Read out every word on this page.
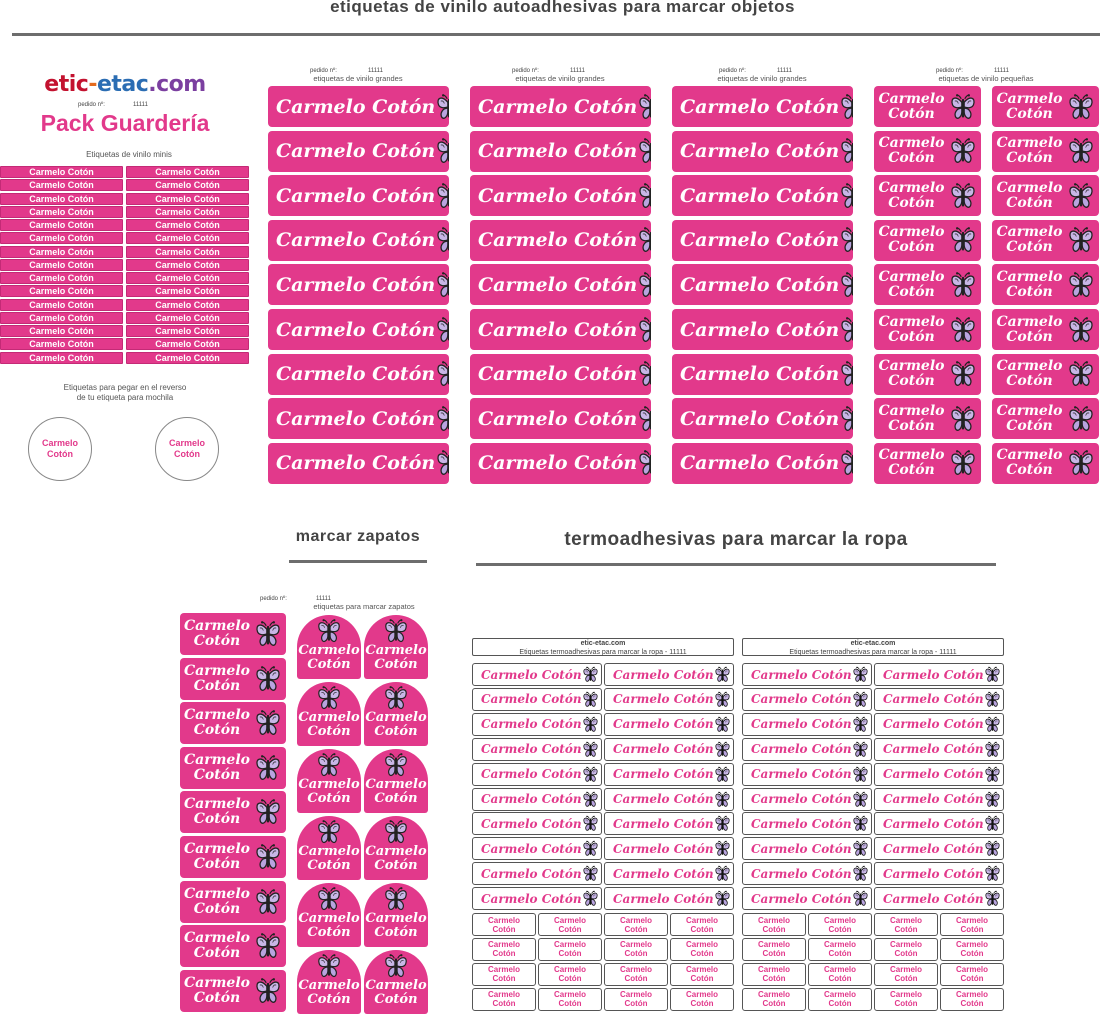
etiquetas de vinilo autoadhesivas para marcar objetos
marcar zapatos	termoadhesivas para marcar la ropa
etic-etac.com
pedido nº:	11111
Pack Guardería
Etiquetas de vinilo minis
Carmelo Cotón
Carmelo Cotón
Carmelo Cotón
Carmelo Cotón
Carmelo Cotón
Carmelo Cotón
Carmelo Cotón
Carmelo Cotón
Carmelo Cotón
Carmelo Cotón
Carmelo Cotón
Carmelo Cotón
Carmelo Cotón
Carmelo Cotón
Carmelo Cotón
Carmelo Cotón
Carmelo Cotón
Carmelo Cotón
Carmelo Cotón
Carmelo Cotón
Carmelo Cotón
Carmelo Cotón
Carmelo Cotón
Carmelo Cotón
Carmelo Cotón
Carmelo Cotón
Carmelo Cotón
Carmelo Cotón
Carmelo Cotón
Carmelo Cotón
Etiquetas para pegar en el reverso
de tu etiqueta para mochila
Carmelo
Cotón
Carmelo
Cotón
pedido nº:	11111
etiquetas de vinilo grandes
pedido nº:	11111
etiquetas de vinilo grandes
pedido nº:	11111
etiquetas de vinilo grandes
pedido nº:	11111
etiquetas de vinilo pequeñas
pedido nº:	11111
etiquetas para marcar zapatos
Carmelo Cotón
Carmelo Cotón
Carmelo Cotón
Carmelo Cotón
Carmelo Cotón
Carmelo Cotón
Carmelo Cotón
Carmelo Cotón
Carmelo Cotón
Carmelo Cotón
Carmelo Cotón
Carmelo Cotón
Carmelo Cotón
Carmelo Cotón
Carmelo Cotón
Carmelo Cotón
Carmelo Cotón
Carmelo Cotón
Carmelo Cotón
Carmelo Cotón
Carmelo Cotón
Carmelo Cotón
Carmelo Cotón
Carmelo Cotón
Carmelo Cotón
Carmelo Cotón
Carmelo Cotón
Carmelo
Cotón
Carmelo
Cotón
Carmelo
Cotón
Carmelo
Cotón
Carmelo
Cotón
Carmelo
Cotón
Carmelo
Cotón
Carmelo
Cotón
Carmelo
Cotón
Carmelo
Cotón
Carmelo
Cotón
Carmelo
Cotón
Carmelo
Cotón
Carmelo
Cotón
Carmelo
Cotón
Carmelo
Cotón
Carmelo
Cotón
Carmelo
Cotón
Carmelo
Cotón
Carmelo
Cotón
Carmelo
Cotón
Carmelo
Cotón
Carmelo
Cotón
Carmelo
Cotón
Carmelo
Cotón
Carmelo
Cotón
Carmelo
Cotón
Carmelo
Cotón
Carmelo
Cotón
Carmelo
Cotón
Carmelo
Cotón
Carmelo
Cotón
Carmelo
Cotón
Carmelo
Cotón
Carmelo
Cotón
Carmelo
Cotón
Carmelo
Cotón
Carmelo
Cotón
Carmelo
Cotón
etic-etac.com
Etiquetas termoadhesivas para marcar la ropa - 11111
Carmelo Cotón
Carmelo Cotón
Carmelo Cotón
Carmelo Cotón
Carmelo Cotón
Carmelo Cotón
Carmelo Cotón
Carmelo Cotón
Carmelo Cotón
Carmelo Cotón
Carmelo Cotón
Carmelo Cotón
Carmelo Cotón
Carmelo Cotón
Carmelo Cotón
Carmelo Cotón
Carmelo Cotón
Carmelo Cotón
Carmelo Cotón
Carmelo Cotón
Carmelo
Cotón
Carmelo
Cotón
Carmelo
Cotón
Carmelo
Cotón
Carmelo
Cotón
Carmelo
Cotón
Carmelo
Cotón
Carmelo
Cotón
Carmelo
Cotón
Carmelo
Cotón
Carmelo
Cotón
Carmelo
Cotón
Carmelo
Cotón
Carmelo
Cotón
Carmelo
Cotón
Carmelo
Cotón
etic-etac.com
Etiquetas termoadhesivas para marcar la ropa - 11111
Carmelo Cotón
Carmelo Cotón
Carmelo Cotón
Carmelo Cotón
Carmelo Cotón
Carmelo Cotón
Carmelo Cotón
Carmelo Cotón
Carmelo Cotón
Carmelo Cotón
Carmelo Cotón
Carmelo Cotón
Carmelo Cotón
Carmelo Cotón
Carmelo Cotón
Carmelo Cotón
Carmelo Cotón
Carmelo Cotón
Carmelo Cotón
Carmelo Cotón
Carmelo
Cotón
Carmelo
Cotón
Carmelo
Cotón
Carmelo
Cotón
Carmelo
Cotón
Carmelo
Cotón
Carmelo
Cotón
Carmelo
Cotón
Carmelo
Cotón
Carmelo
Cotón
Carmelo
Cotón
Carmelo
Cotón
Carmelo
Cotón
Carmelo
Cotón
Carmelo
Cotón
Carmelo
Cotón
